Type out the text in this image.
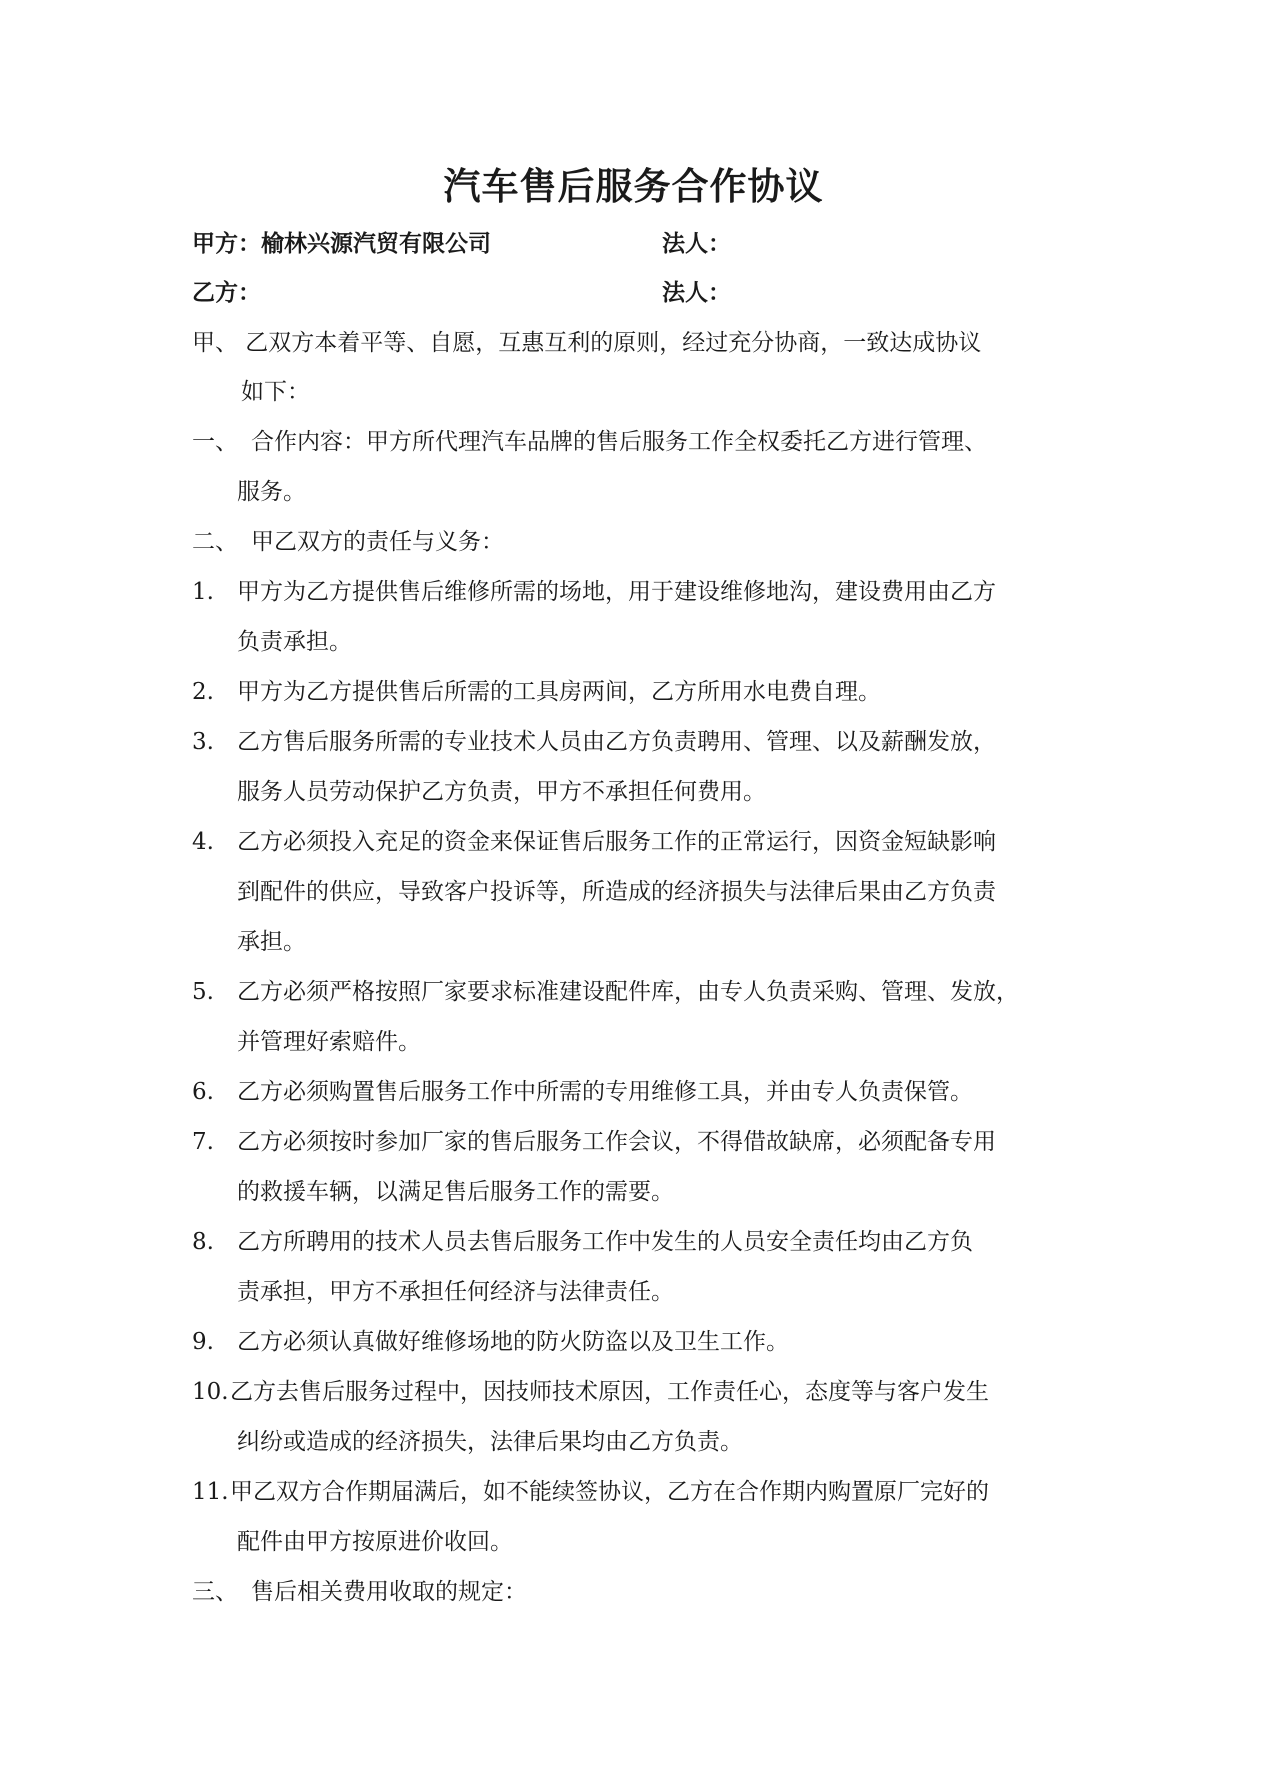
汽车售后服务合作协议
甲方：榆林兴源汽贸有限公司	法人：
乙方：	法人：
甲、 乙双方本着平等、自愿，互惠互利的原则，经过充分协商，一致达成协议
如下：
一、 合作内容：甲方所代理汽车品牌的售后服务工作全权委托乙方进行管理、
服务。
二、 甲乙双方的责任与义务：
1. 甲方为乙方提供售后维修所需的场地，用于建设维修地沟，建设费用由乙方
负责承担。
2. 甲方为乙方提供售后所需的工具房两间，乙方所用水电费自理。
3. 乙方售后服务所需的专业技术人员由乙方负责聘用、管理、以及薪酬发放，
服务人员劳动保护乙方负责，甲方不承担任何费用。
4. 乙方必须投入充足的资金来保证售后服务工作的正常运行，因资金短缺影响
到配件的供应，导致客户投诉等，所造成的经济损失与法律后果由乙方负责
承担。
5. 乙方必须严格按照厂家要求标准建设配件库，由专人负责采购、管理、发放，
并管理好索赔件。
6. 乙方必须购置售后服务工作中所需的专用维修工具，并由专人负责保管。
7. 乙方必须按时参加厂家的售后服务工作会议，不得借故缺席，必须配备专用
的救援车辆，以满足售后服务工作的需要。
8. 乙方所聘用的技术人员去售后服务工作中发生的人员安全责任均由乙方负
责承担，甲方不承担任何经济与法律责任。
9. 乙方必须认真做好维修场地的防火防盗以及卫生工作。
10. 乙方去售后服务过程中，因技师技术原因，工作责任心，态度等与客户发生
纠纷或造成的经济损失，法律后果均由乙方负责。
11. 甲乙双方合作期届满后，如不能续签协议，乙方在合作期内购置原厂完好的
配件由甲方按原进价收回。
三、 售后相关费用收取的规定：
